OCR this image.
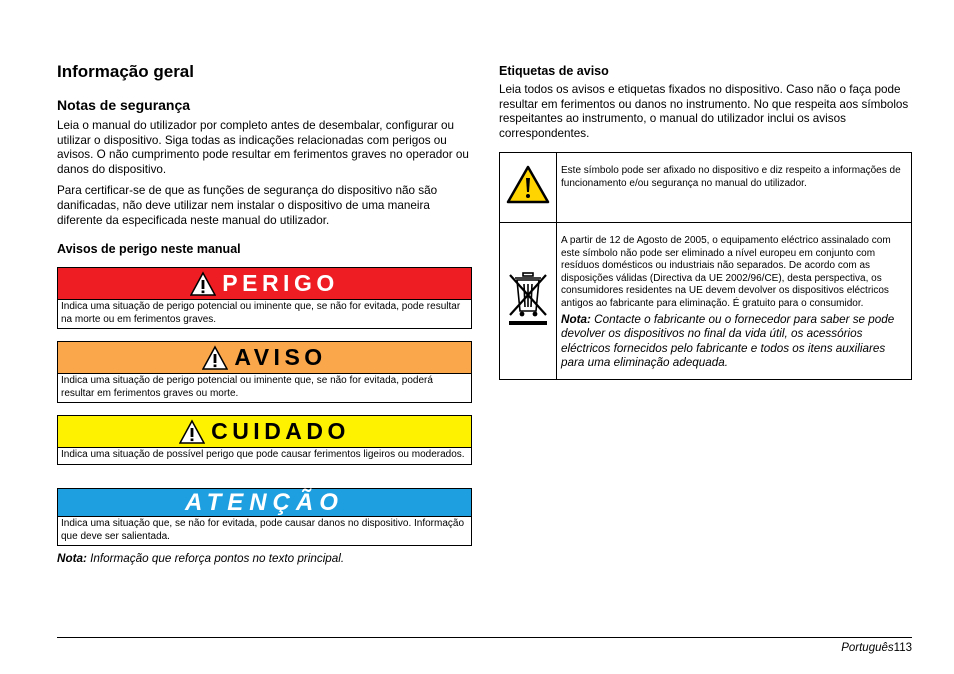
Informação geral
Notas de segurança

Leia o manual do utilizador por completo antes de desembalar, configurar ou utilizar o dispositivo. Siga todas as indicações relacionadas com perigos ou avisos. O não cumprimento pode resultar em ferimentos graves no operador ou danos do dispositivo.

Para certificar-se de que as funções de segurança do dispositivo não são danificadas, não deve utilizar nem instalar o dispositivo de uma maneira diferente da especificada neste manual do utilizador.

Avisos de perigo neste manual
PERIGO
Indica uma situação de perigo potencial ou iminente que, se não for evitada, pode resultar na morte ou em ferimentos graves.
AVISO
Indica uma situação de perigo potencial ou iminente que, se não for evitada, poderá resultar em ferimentos graves ou morte.
CUIDADO
Indica uma situação de possível perigo que pode causar ferimentos ligeiros ou moderados.
ATENÇÃO
Indica uma situação que, se não for evitada, pode causar danos no dispositivo. Informação que deve ser salientada.
Nota: Informação que reforça pontos no texto principal.
Etiquetas de aviso

Leia todos os avisos e etiquetas fixados no dispositivo. Caso não o faça pode resultar em ferimentos ou danos no instrumento. No que respeita aos símbolos respeitantes ao instrumento, o manual do utilizador inclui os avisos correspondentes.

	Este símbolo pode ser afixado no dispositivo e diz respeito a informações de funcionamento e/ou segurança no manual do utilizador.

A partir de 12 de Agosto de 2005, o equipamento eléctrico assinalado com este símbolo não pode ser eliminado a nível europeu em conjunto com resíduos domésticos ou industriais não separados. De acordo com as disposições válidas (Directiva da UE 2002/96/CE), desta perspectiva, os consumidores residentes na UE devem devolver os dispositivos eléctricos antigos ao fabricante para eliminação. É gratuito para o consumidor.
Nota: Contacte o fabricante ou o fornecedor para saber se pode devolver os dispositivos no final da vida útil, os acessórios eléctricos fornecidos pelo fabricante e todos os itens auxiliares para uma eliminação adequada.
Português113
